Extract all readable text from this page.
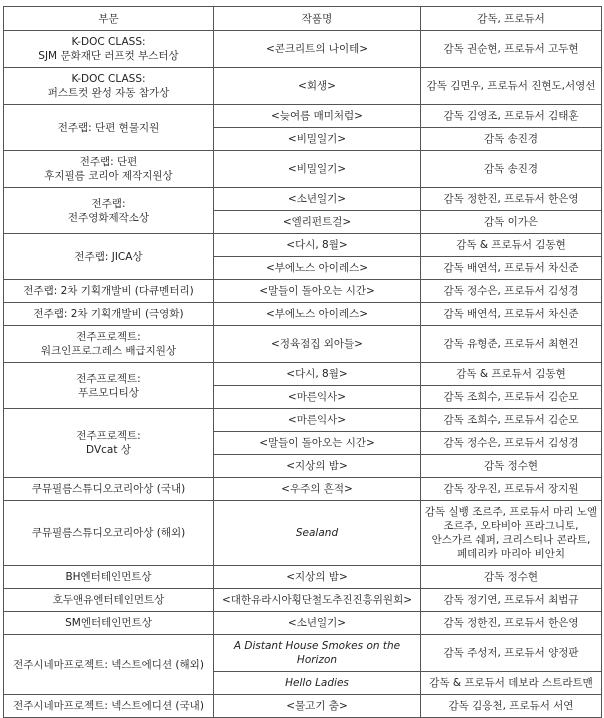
부문	작품명	감독, 프로듀서
K-DOC CLASS:
SJM 문화재단 러프컷 부스터상	<콘크리트의 나이테>	감독 권순현, 프로듀서 고두현
K-DOC CLASS:
퍼스트컷 완성 자동 참가상	<회생>	감독 김면우, 프로듀서 진현도,서영선
전주랩: 단편 현물지원	<늦여름 매미처럼>	감독 김영조, 프로듀서 김태훈
	<비밀일기>	감독 송진경
전주랩: 단편
후지필름 코리아 제작지원상	<비밀일기>	감독 송진경
전주랩:
전주영화제작소상	<소년일기>	감독 정한진, 프로듀서 한은영
	<엘리펀트걸>	감독 이가은
전주랩: JICA상	<다시, 8월>	감독 & 프로듀서 김동현
	<부에노스 아이레스>	감독 배연석, 프로듀서 차신준
전주랩: 2차 기획개발비 (다큐멘터리)	<말들이 돌아오는 시간>	감독 정수은, 프로듀서 김성경
전주랩: 2차 기획개발비 (극영화)	<부에노스 아이레스>	감독 배연석, 프로듀서 차신준
전주프로젝트:
워크인프로그레스 배급지원상	<정육점집 외아들>	감독 유형준, 프로듀서 최현건
전주프로젝트:
푸르모디티상	<다시, 8월>	감독 & 프로듀서 김동현
	<마른익사>	감독 조희수, 프로듀서 김순모
전주프로젝트:
DVcat 상	<마른익사>	감독 조희수, 프로듀서 김순모
	<말들이 돌아오는 시간>	감독 정수은, 프로듀서 김성경
	<지상의 밤>	감독 정수현
쿠뮤필름스튜디오코리아상 (국내)	<우주의 흔적>	감독 장우진, 프로듀서 장지원
쿠뮤필름스튜디오코리아상 (해외)	Sealand	감독 실뱅 조르주, 프로듀서 마리 노엘
조르주, 오타비아 프라그니토,
안스가르 쉐퍼, 크리스티나 콘라트,
페데리카 마리아 비안치
BH엔터테인먼트상	<지상의 밤>	감독 정수현
호두앤유엔터테인먼트상	<대한유라시아횡단철도추진진흥위원회>	감독 정기연, 프로듀서 최범규
SM엔터테인먼트상	<소년일기>	감독 정한진, 프로듀서 한은영
전주시네마프로젝트: 넥스트에디션 (해외)	A Distant House Smokes on the Horizon	감독 주성저, 프로듀서 양정판
	Hello Ladies	감독 & 프로듀서 데보라 스트라트맨
전주시네마프로젝트: 넥스트에디션 (국내)	<물고기 춤>	감독 김응천, 프로듀서 서연
